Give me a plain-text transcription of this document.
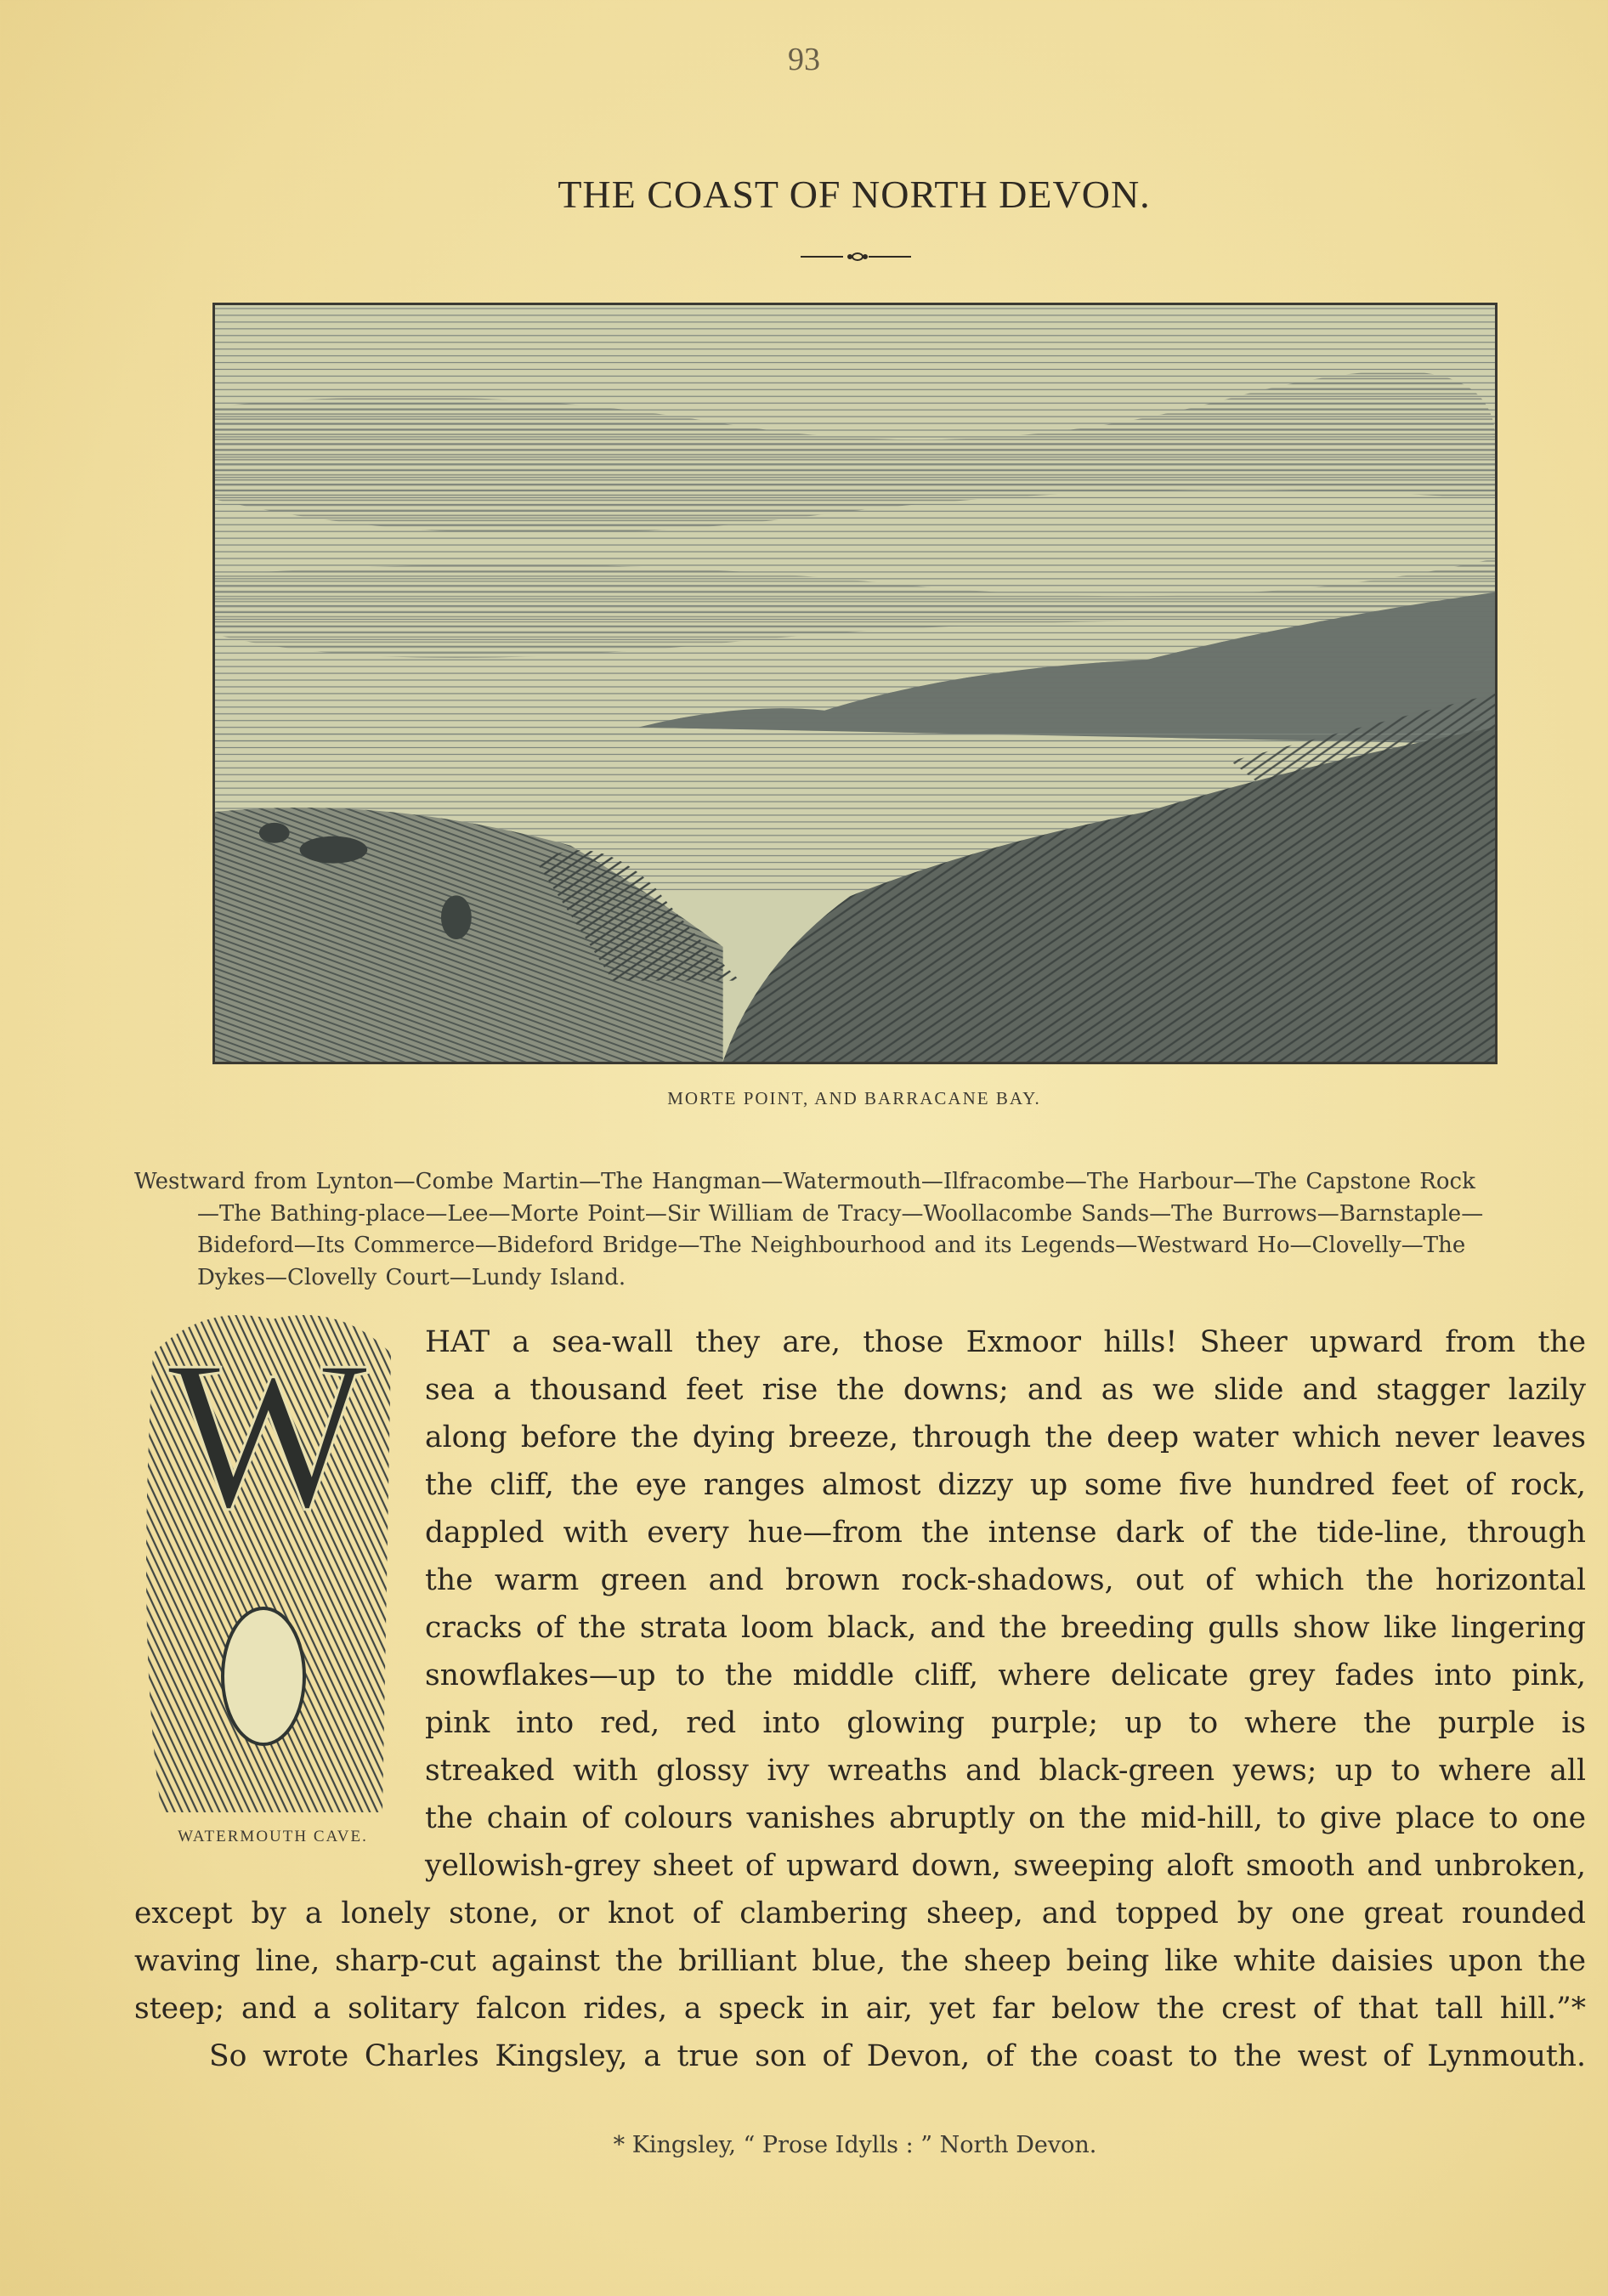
93
THE COAST OF NORTH DEVON.
MORTE POINT, AND BARRACANE BAY.
Westward from Lynton—Combe Martin—The Hangman—Watermouth—Ilfracombe—The Harbour—The Capstone Rock
—The Bathing-place—Lee—Morte Point—Sir William de Tracy—Woollacombe Sands—The Burrows—Barnstaple—
Bideford—Its Commerce—Bideford Bridge—The Neighbourhood and its Legends—Westward Ho—Clovelly—The
Dykes—Clovelly Court—Lundy Island.
W
WATERMOUTH CAVE.
HAT a sea-wall they are, those Exmoor hills! Sheer upward from the
sea a thousand feet rise the downs; and as we slide and stagger lazily
along before the dying breeze, through the deep water which never leaves
the cliff, the eye ranges almost dizzy up some five hundred feet of rock,
dappled with every hue—from the intense dark of the tide-line, through
the warm green and brown rock-shadows, out of which the horizontal
cracks of the strata loom black, and the breeding gulls show like lingering
snowflakes—up to the middle cliff, where delicate grey fades into pink,
pink into red, red into glowing purple; up to where the purple is
streaked with glossy ivy wreaths and black-green yews; up to where all
the chain of colours vanishes abruptly on the mid-hill, to give place to one
yellowish-grey sheet of upward down, sweeping aloft smooth and unbroken,
except by a lonely stone, or knot of clambering sheep, and topped by one great rounded
waving line, sharp-cut against the brilliant blue, the sheep being like white daisies upon the
steep; and a solitary falcon rides, a speck in air, yet far below the crest of that tall hill.”*
So wrote Charles Kingsley, a true son of Devon, of the coast to the west of Lynmouth.
* Kingsley, “ Prose Idylls : ” North Devon.
